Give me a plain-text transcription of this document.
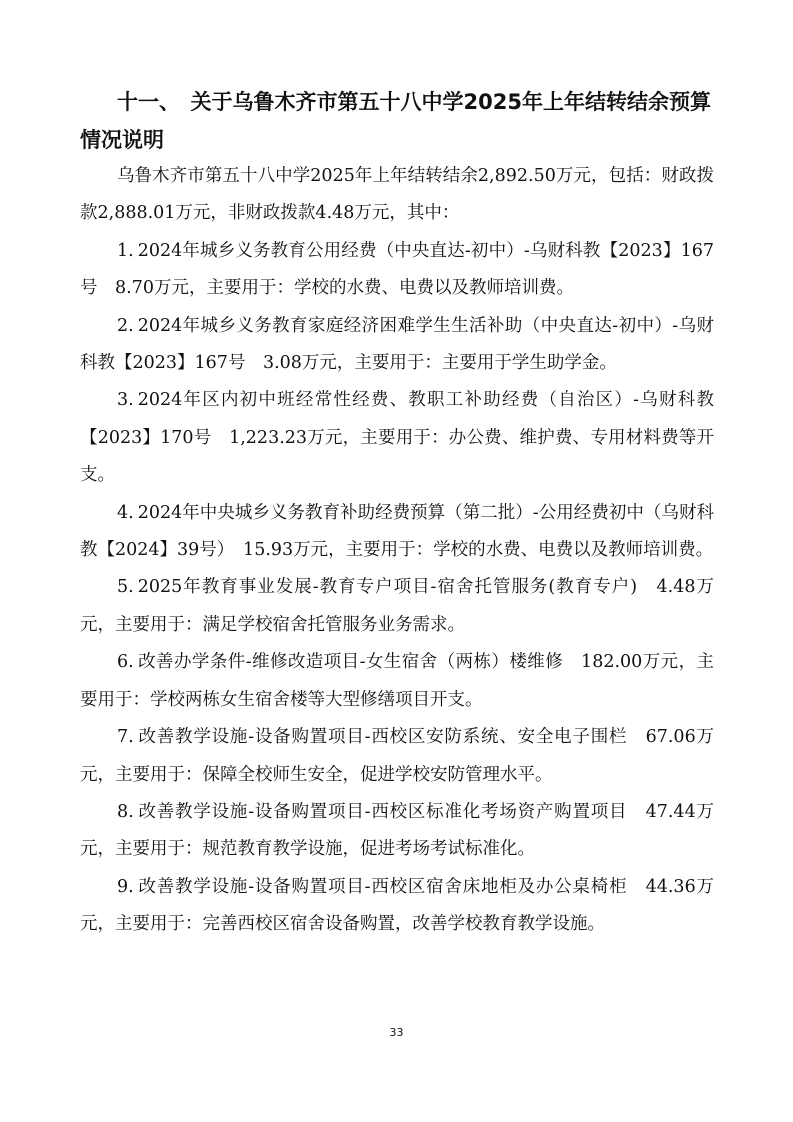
十一、　关于乌鲁木齐市第五十八中学2025年上年结转结余预算情况说明

乌鲁木齐市第五十八中学2025年上年结转结余2,892.50万元，包括：财政拨款2,888.01万元，非财政拨款4.48万元，其中：

1. 2024年城乡义务教育公用经费（中央直达-初中）-乌财科教【2023】167号　8.70万元，主要用于：学校的水费、电费以及教师培训费。

2. 2024年城乡义务教育家庭经济困难学生生活补助（中央直达-初中）-乌财科教【2023】167号　3.08万元，主要用于：主要用于学生助学金。

3. 2024年区内初中班经常性经费、教职工补助经费（自治区）-乌财科教【2023】170号　1,223.23万元，主要用于：办公费、维护费、专用材料费等开支。

4. 2024年中央城乡义务教育补助经费预算（第二批）-公用经费初中（乌财科教【2024】39号）　15.93万元，主要用于：学校的水费、电费以及教师培训费。

5. 2025年教育事业发展-教育专户项目-宿舍托管服务(教育专户)　4.48万元，主要用于：满足学校宿舍托管服务业务需求。

6. 改善办学条件-维修改造项目-女生宿舍（两栋）楼维修　182.00万元，主要用于：学校两栋女生宿舍楼等大型修缮项目开支。

7. 改善教学设施-设备购置项目-西校区安防系统、安全电子围栏　67.06万元，主要用于：保障全校师生安全，促进学校安防管理水平。

8. 改善教学设施-设备购置项目-西校区标准化考场资产购置项目　47.44万元，主要用于：规范教育教学设施，促进考场考试标准化。

9. 改善教学设施-设备购置项目-西校区宿舍床地柜及办公桌椅柜　44.36万元，主要用于：完善西校区宿舍设备购置，改善学校教育教学设施。

33
